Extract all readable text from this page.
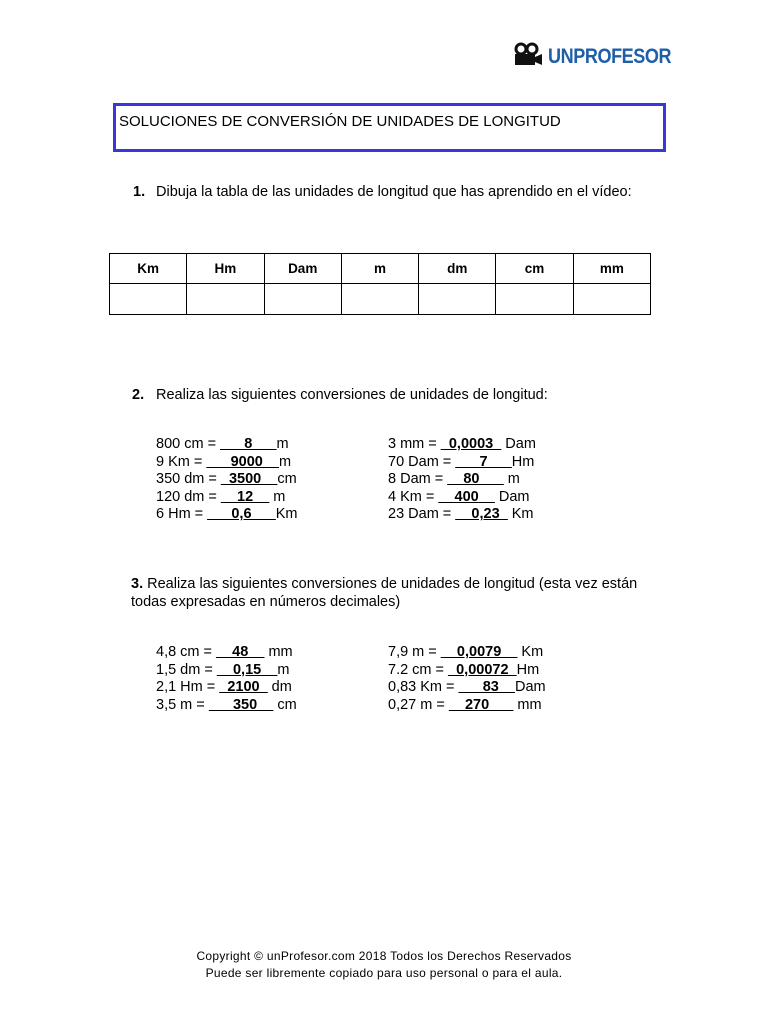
UNPROFESOR
SOLUCIONES DE CONVERSIÓN DE UNIDADES DE LONGITUD
1. Dibuja la tabla de las unidades de longitud que has aprendido en el vídeo:
Km	Hm	Dam	m	dm	cm	mm

2. Realiza las siguientes conversiones de unidades de longitud:
800 cm = ___8___m
9 Km = ___9000__m
350 dm = _3500__cm
120 dm = __12__ m
6 Hm = ___0,6___Km
3 mm = _0,0003_ Dam
70 Dam = ___7___Hm
8 Dam = __80___ m
4 Km = __400__ Dam
23 Dam = __0,23_ Km
3. Realiza las siguientes conversiones de unidades de longitud (esta vez están todas expresadas en números decimales)
4,8 cm = __48__ mm
1,5 dm = __0,15__m
2,1 Hm = _2100_ dm
3,5 m =   __350__ cm
7,9 m = __0,0079__ Km
7.2 cm = _0,00072_Hm
0,83 Km = ___83__Dam
0,27 m = __270___ mm
Copyright © unProfesor.com 2018 Todos los Derechos Reservados
Puede ser libremente copiado para uso personal o para el aula.
